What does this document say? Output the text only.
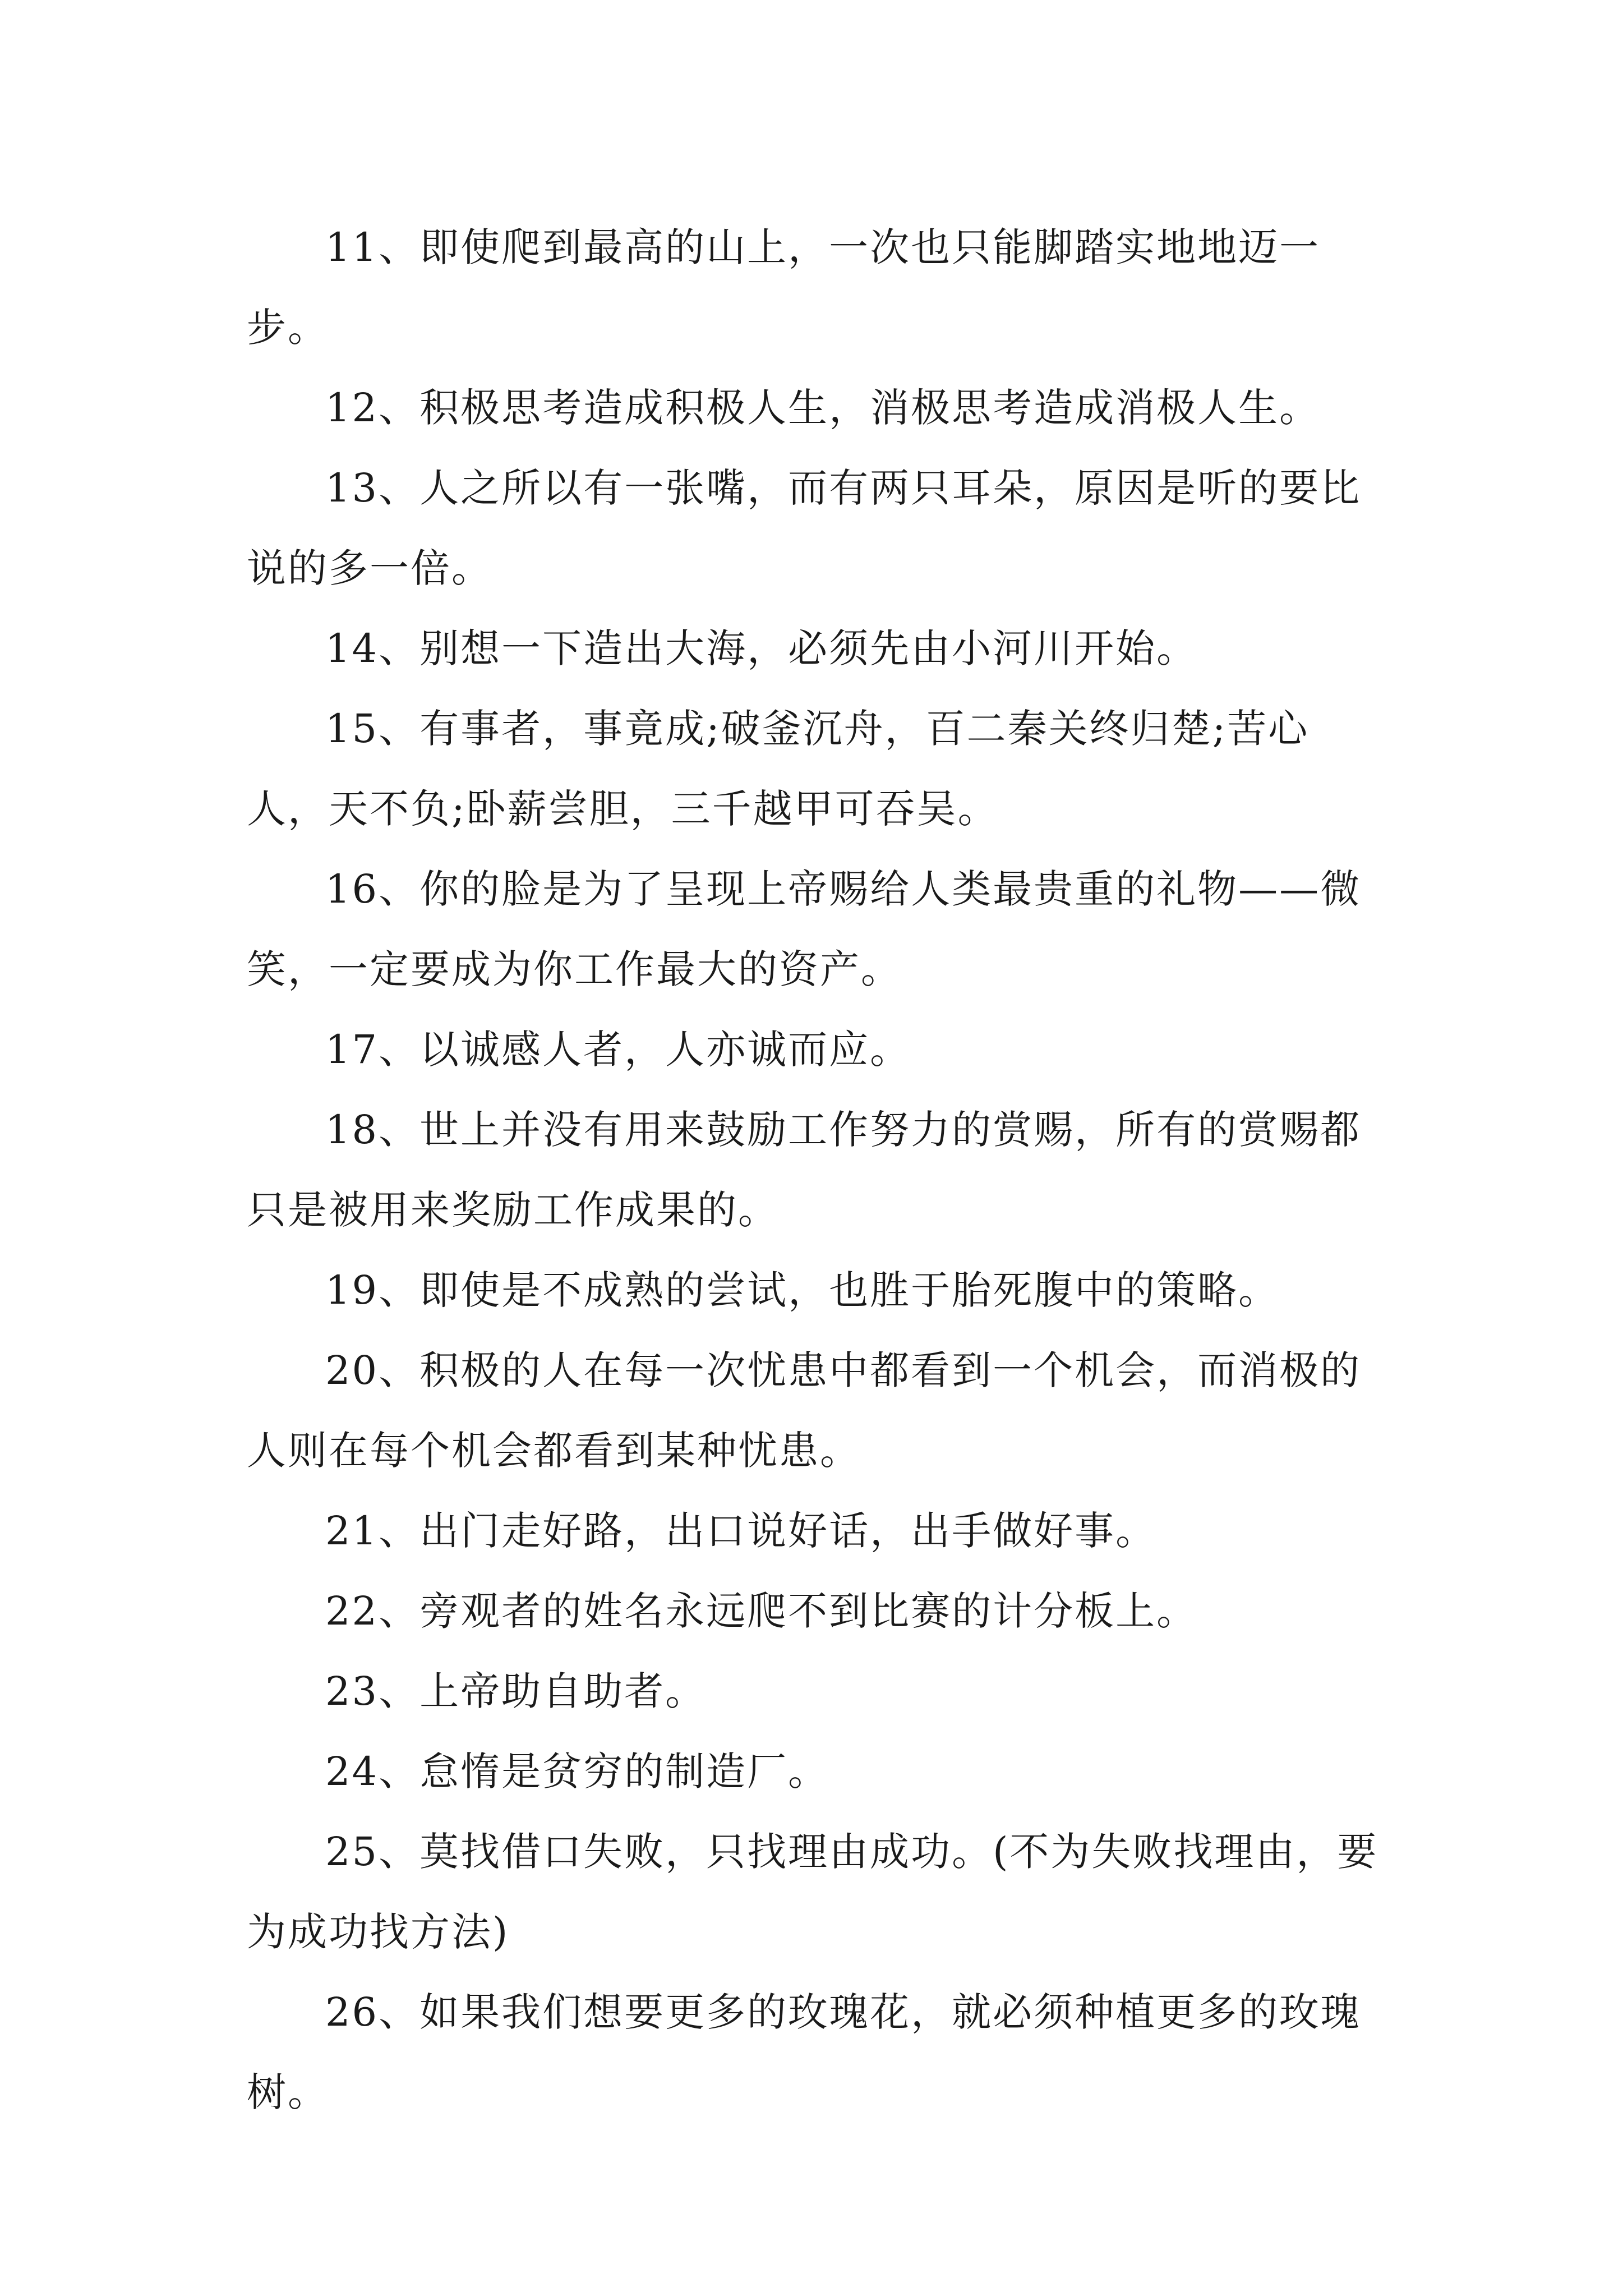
11、即使爬到最高的山上，一次也只能脚踏实地地迈一步。

12、积极思考造成积极人生，消极思考造成消极人生。

13、人之所以有一张嘴，而有两只耳朵，原因是听的要比说的多一倍。

14、别想一下造出大海，必须先由小河川开始。

15、有事者，事竟成;破釜沉舟，百二秦关终归楚;苦心人，天不负;卧薪尝胆，三千越甲可吞吴。

16、你的脸是为了呈现上帝赐给人类最贵重的礼物——微笑，一定要成为你工作最大的资产。

17、以诚感人者，人亦诚而应。

18、世上并没有用来鼓励工作努力的赏赐，所有的赏赐都只是被用来奖励工作成果的。

19、即使是不成熟的尝试，也胜于胎死腹中的策略。

20、积极的人在每一次忧患中都看到一个机会，而消极的人则在每个机会都看到某种忧患。

21、出门走好路，出口说好话，出手做好事。

22、旁观者的姓名永远爬不到比赛的计分板上。

23、上帝助自助者。

24、怠惰是贫穷的制造厂。

25、莫找借口失败，只找理由成功。(不为失败找理由，要为成功找方法)

26、如果我们想要更多的玫瑰花，就必须种植更多的玫瑰树。
